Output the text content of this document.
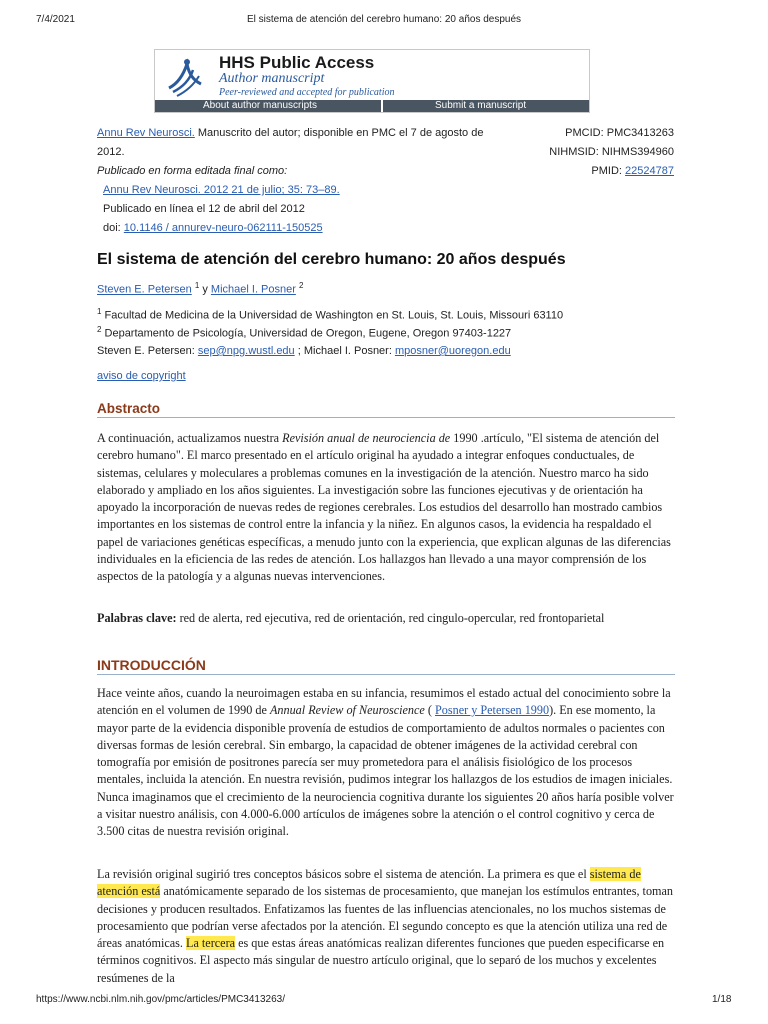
7/4/2021	El sistema de atención del cerebro humano: 20 años después
HHS Public Access
Author manuscript
Peer-reviewed and accepted for publication
About author manuscripts	Submit a manuscript
Annu Rev Neurosci. Manuscrito del autor; disponible en PMC el 7 de agosto de
2012.
Publicado en forma editada final como:
Annu Rev Neurosci. 2012 21 de julio; 35: 73–89.
Publicado en línea el 12 de abril del 2012
doi: 10.1146 / annurev-neuro-062111-150525
PMCID: PMC3413263
NIHMSID: NIHMS394960
PMID: 22524787
El sistema de atención del cerebro humano: 20 años después
Steven E. Petersen $^1$ y Michael I. Posner $^2$
$^1$ Facultad de Medicina de la Universidad de Washington en St. Louis, St. Louis, Missouri 63110
$^2$ Departamento de Psicología, Universidad de Oregon, Eugene, Oregon 97403-1227
Steven E. Petersen: sep@npg.wustl.edu ; Michael I. Posner: mposner@uoregon.edu
aviso de copyright
Abstracto
A continuación, actualizamos nuestra Revisión anual de neurociencia de 1990 .artículo, "El sistema de atención del cerebro humano". El marco presentado en el artículo original ha ayudado a integrar enfoques conductuales, de sistemas, celulares y moleculares a problemas comunes en la investigación de la atención. Nuestro marco ha sido elaborado y ampliado en los años siguientes. La investigación sobre las funciones ejecutivas y de orientación ha apoyado la incorporación de nuevas redes de regiones cerebrales. Los estudios del desarrollo han mostrado cambios importantes en los sistemas de control entre la infancia y la niñez. En algunos casos, la evidencia ha respaldado el papel de variaciones genéticas específicas, a menudo junto con la experiencia, que explican algunas de las diferencias individuales en la eficiencia de las redes de atención. Los hallazgos han llevado a una mayor comprensión de los aspectos de la patología y a algunas nuevas intervenciones.
Palabras clave: red de alerta, red ejecutiva, red de orientación, red cingulo-opercular, red frontoparietal
INTRODUCCIÓN
Hace veinte años, cuando la neuroimagen estaba en su infancia, resumimos el estado actual del conocimiento sobre la atención en el volumen de 1990 de Annual Review of Neuroscience ( Posner y Petersen 1990). En ese momento, la mayor parte de la evidencia disponible provenía de estudios de comportamiento de adultos normales o pacientes con diversas formas de lesión cerebral. Sin embargo, la capacidad de obtener imágenes de la actividad cerebral con tomografía por emisión de positrones parecía ser muy prometedora para el análisis fisiológico de los procesos mentales, incluida la atención. En nuestra revisión, pudimos integrar los hallazgos de los estudios de imagen iniciales. Nunca imaginamos que el crecimiento de la neurociencia cognitiva durante los siguientes 20 años haría posible volver a visitar nuestro análisis, con 4.000-6.000 artículos de imágenes sobre la atención o el control cognitivo y cerca de 3.500 citas de nuestra revisión original.
La revisión original sugirió tres conceptos básicos sobre el sistema de atención. La primera es que el sistema de atención está anatómicamente separado de los sistemas de procesamiento, que manejan los estímulos entrantes, toman decisiones y producen resultados. Enfatizamos las fuentes de las influencias atencionales, no los muchos sistemas de procesamiento que podrían verse afectados por la atención. El segundo concepto es que la atención utiliza una red de áreas anatómicas. La tercera es que estas áreas anatómicas realizan diferentes funciones que pueden especificarse en términos cognitivos. El aspecto más singular de nuestro artículo original, que lo separó de los muchos y excelentes resúmenes de la
https://www.ncbi.nlm.nih.gov/pmc/articles/PMC3413263/	1/18
